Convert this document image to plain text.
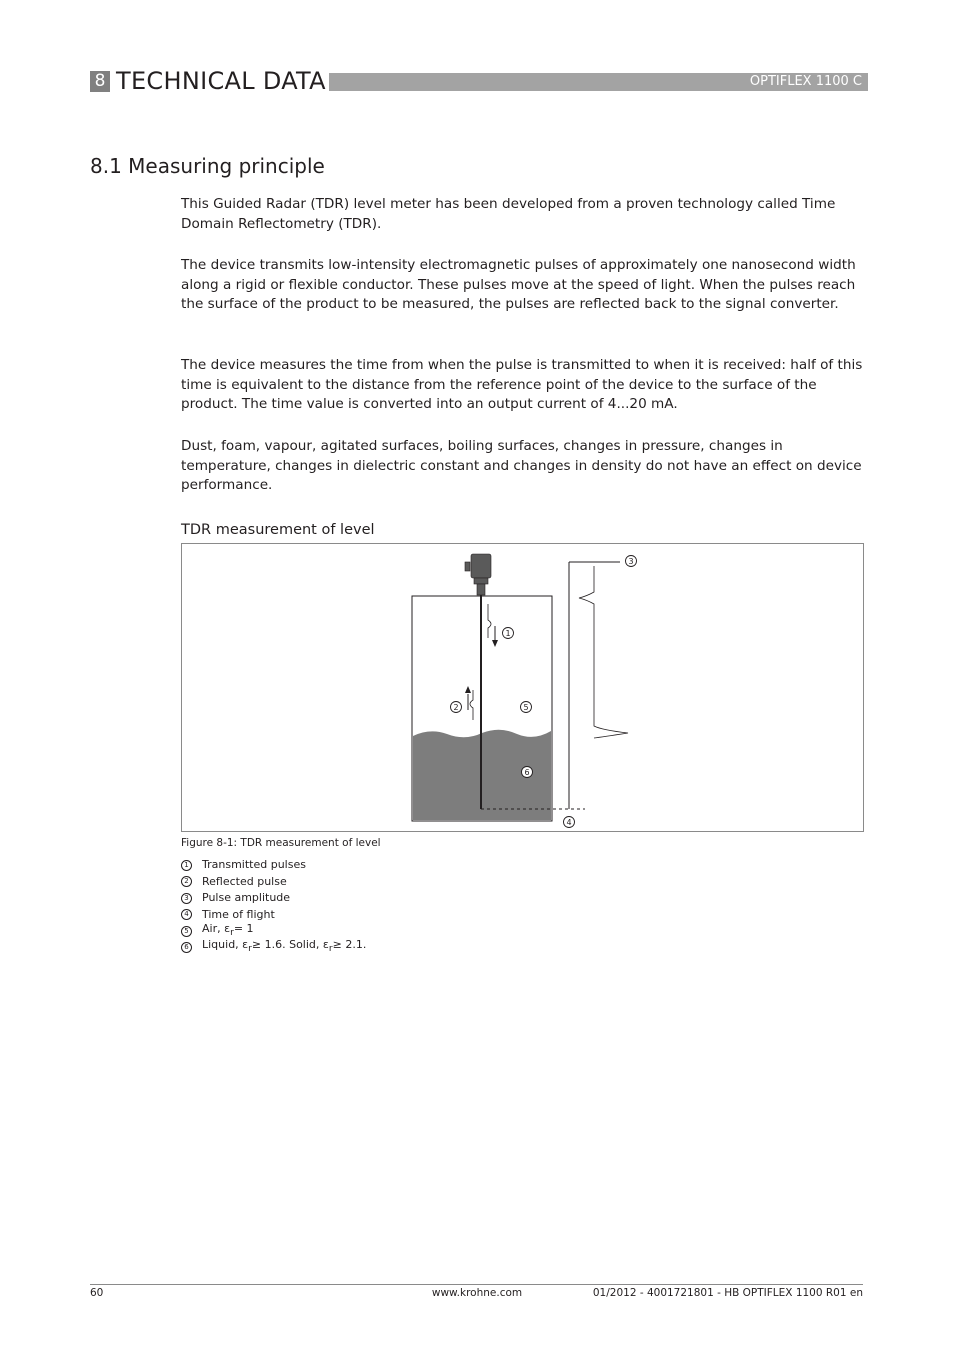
8 TECHNICAL DATA	OPTIFLEX 1100 C
8.1 Measuring principle

This Guided Radar (TDR) level meter has been developed from a proven technology called Time Domain Reflectometry (TDR).

The device transmits low-intensity electromagnetic pulses of approximately one nanosecond width along a rigid or flexible conductor. These pulses move at the speed of light. When the pulses reach the surface of the product to be measured, the pulses are reflected back to the signal converter.

The device measures the time from when the pulse is transmitted to when it is received: half of this time is equivalent to the distance from the reference point of the device to the surface of the product. The time value is converted into an output current of 4...20 mA.

Dust, foam, vapour, agitated surfaces, boiling surfaces, changes in pressure, changes in temperature, changes in dielectric constant and changes in density do not have an effect on device performance.

TDR measurement of level
1
2
3
4
5
6
Figure 8-1: TDR measurement of level
1 Transmitted pulses
2 Reflected pulse
3 Pulse amplitude
4 Time of flight
5 Air, $\varepsilon_r= 1$
6 Liquid, $\varepsilon_r\ge 1.6$. Solid, $\varepsilon_r\ge 2.1$.
60	www.krohne.com	01/2012 - 4001721801 - HB OPTIFLEX 1100 R01 en
